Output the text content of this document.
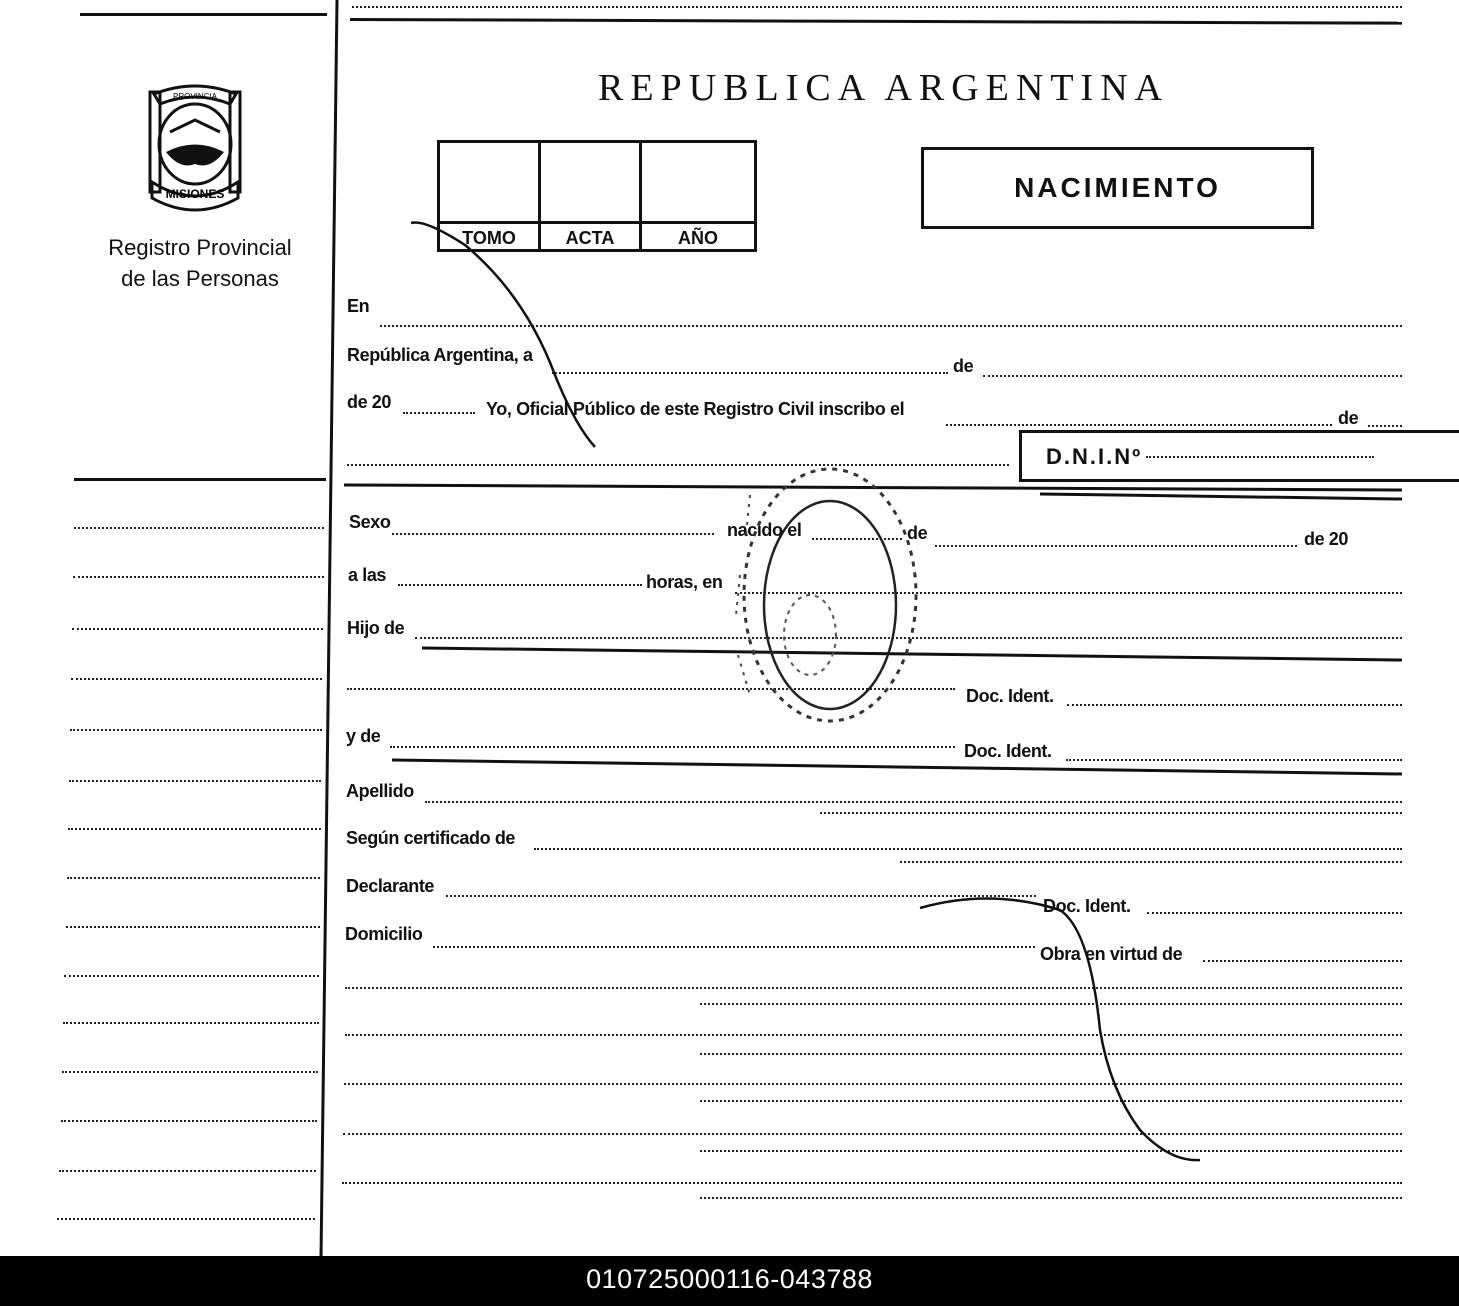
MISIONES
PROVINCIA
Registro Provincial
de las Personas
REPUBLICA ARGENTINA
TOMO	ACTA	AÑO
NACIMIENTO
En
República Argentina, a
de
de 20	Yo, Oficial Público de este Registro Civil inscribo el	de
D.N.I.Nº
Sexo	nacido el	de	de 20
a las	horas, en
Hijo de
Doc. Ident.
y de
Doc. Ident.
Apellido
Según certificado de
Declarante
Doc. Ident.
Domicilio
Obra en virtud de
010725000116-043788
